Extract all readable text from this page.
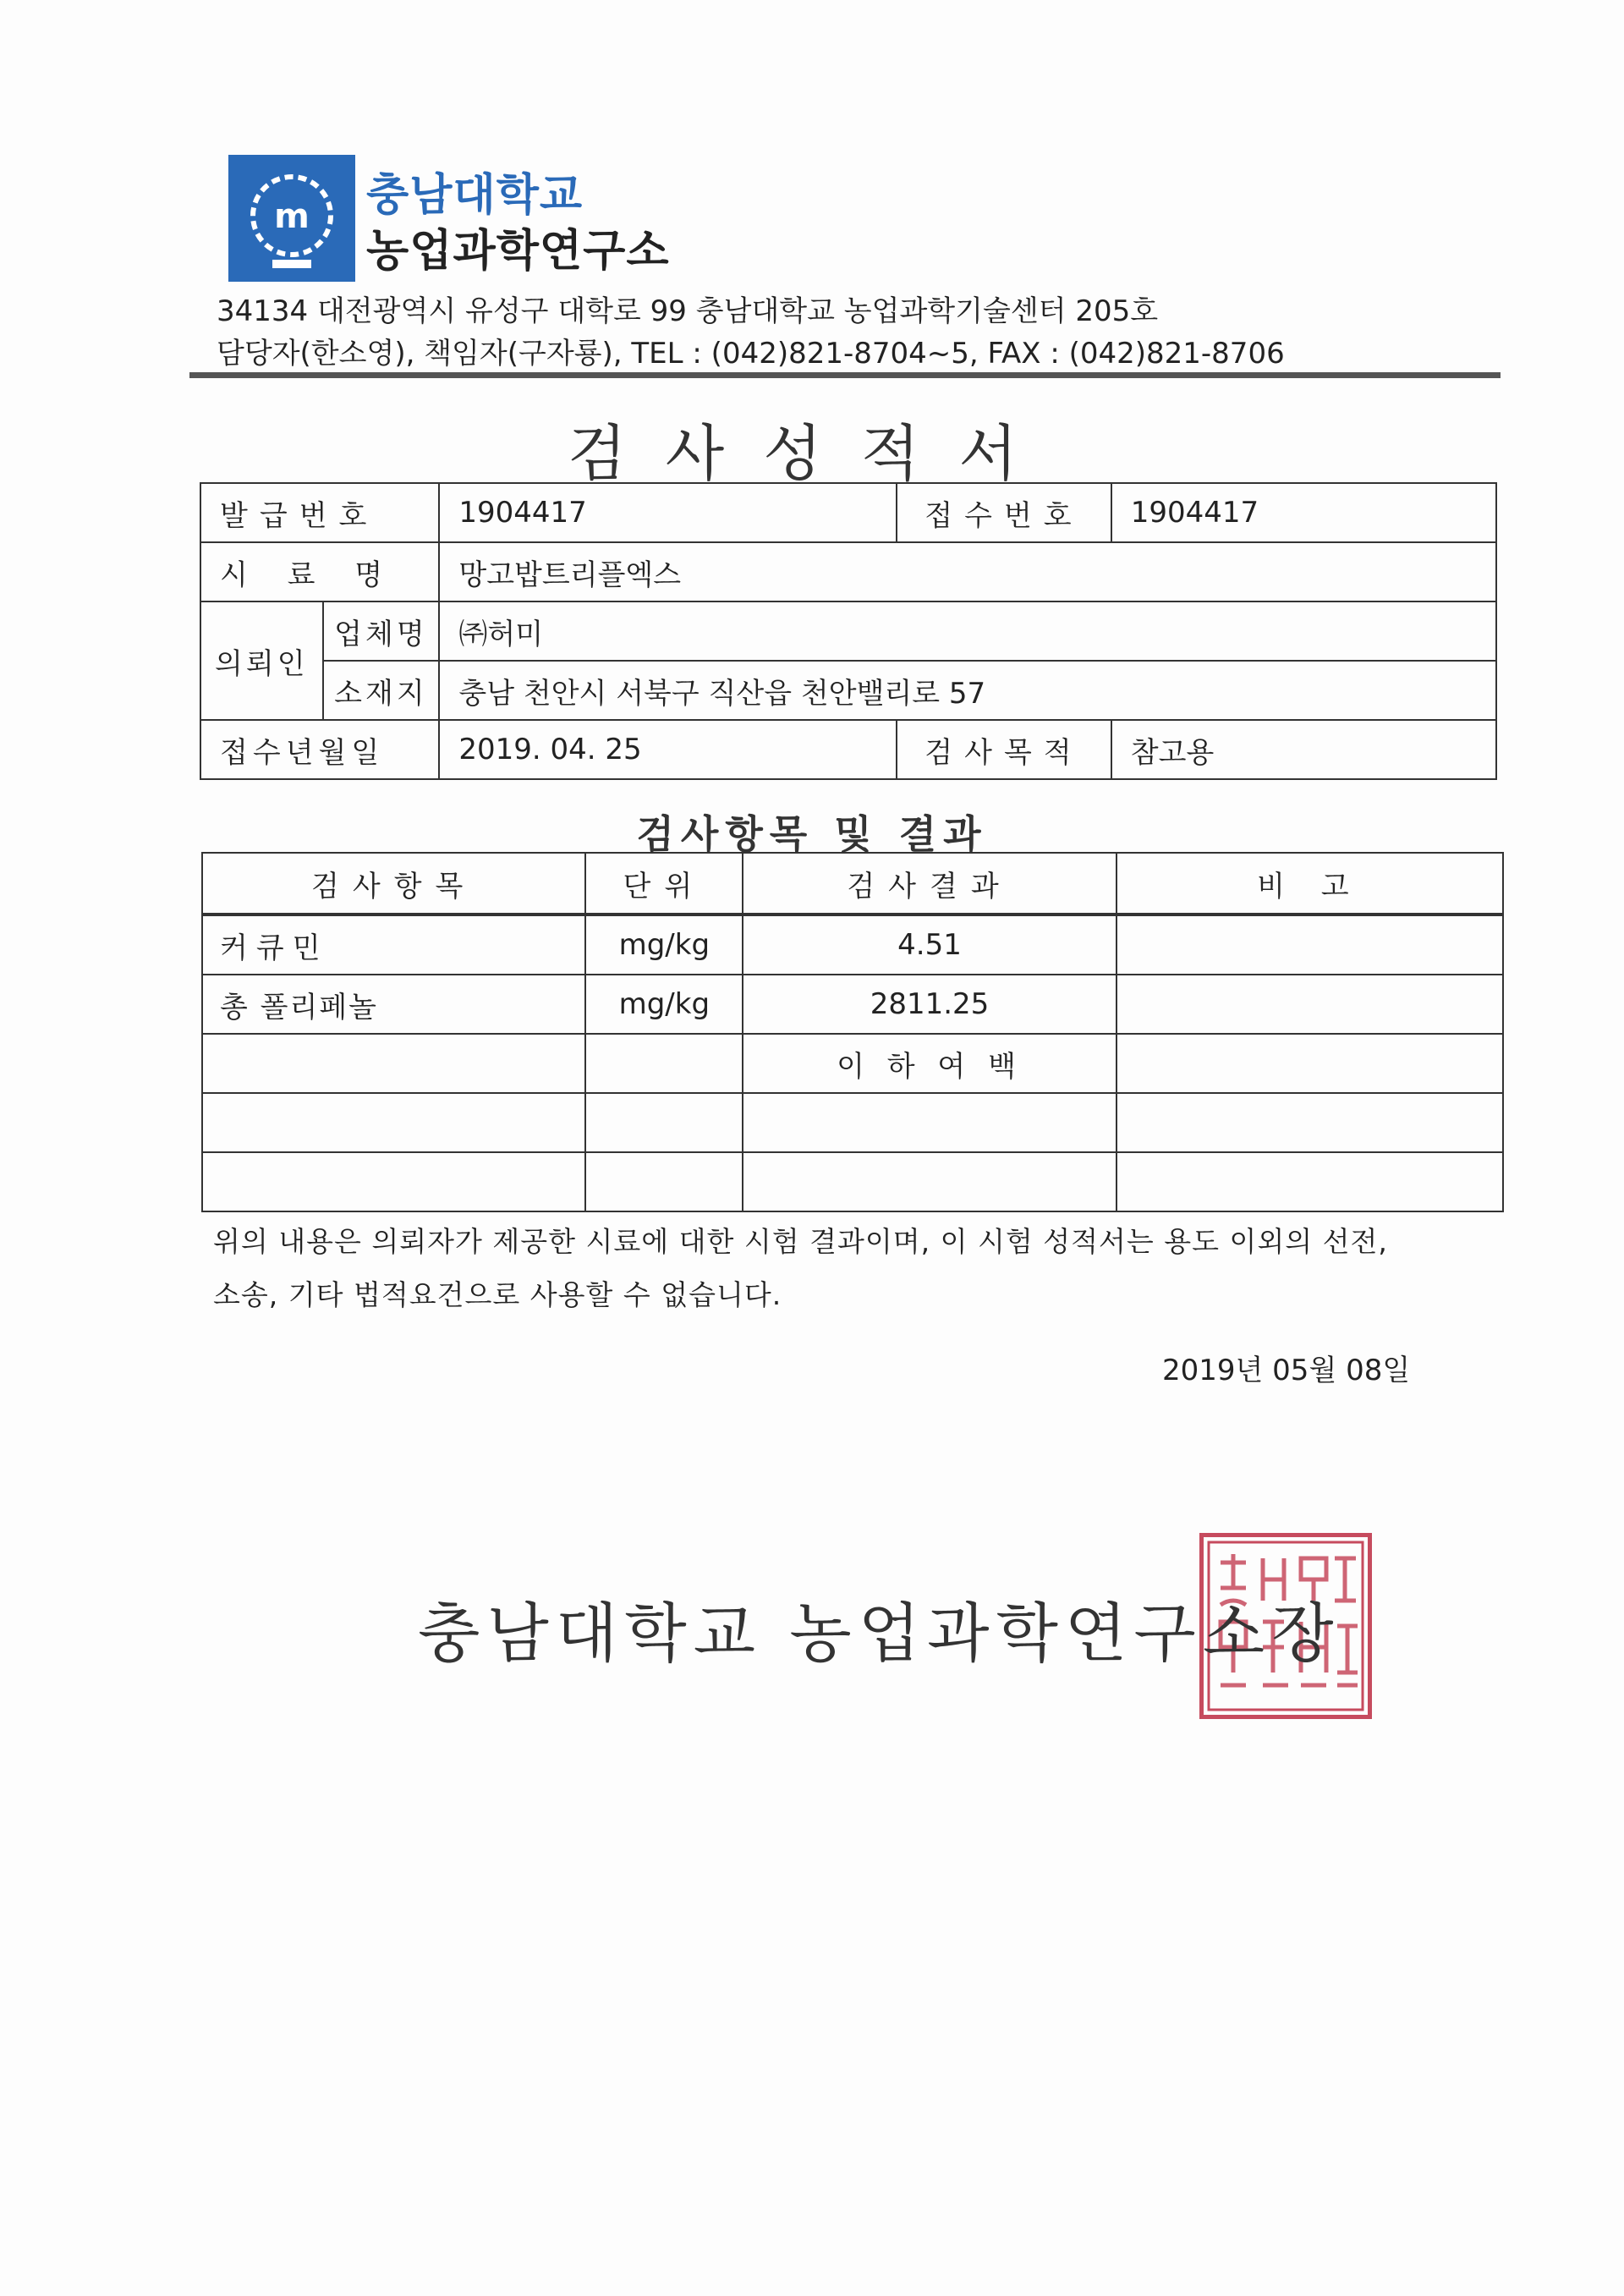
m 충남대학교
농업과학연구소
34134 대전광역시 유성구 대학로 99 충남대학교 농업과학기술센터 205호
담당자(한소영), 책임자(구자룡), TEL : (042)821-8704~5, FAX : (042)821-8706
검사성적서
발급번호		1904417	접수번호	1904417
시 료 명		망고밥트리플엑스		
의뢰인	업체명	㈜허미		
	소재지	충남 천안시 서북구 직산읍 천안밸리로 57		
접수년월일		2019. 04. 25	검사목적	참고용
검사항목 및 결과
검사항목	단위	검사결과	비 고
커큐민	mg/kg	4.51	
총 폴리페놀	mg/kg	2811.25	
		이 하 여 백	

위의 내용은 의뢰자가 제공한 시료에 대한 시험 결과이며, 이 시험 성적서는 용도 이외의 선전,
소송, 기타 법적요건으로 사용할 수 없습니다.
2019년 05월 08일
충남대학교 농업과학연구소장
